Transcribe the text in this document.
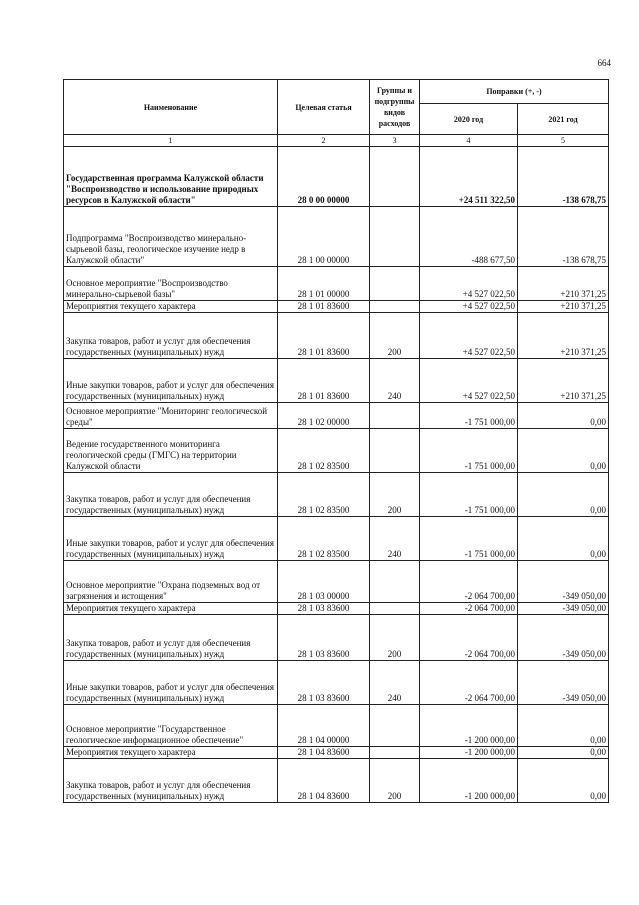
664
Наименование	Целевая статья	Группы и подгруппы видов расходов	Поправки (+, -)	
			2020 год	2021 год
1	2	3	4	5
Государственная программа Калужской области "Воспроизводство и использование природных ресурсов в Калужской области"	28 0 00 00000		+24 511 322,50	-138 678,75
Подпрограмма "Воспроизводство минерально-сырьевой базы, геологическое изучение недр в Калужской области"	28 1 00 00000		-488 677,50	-138 678,75
Основное мероприятие "Воспроизводство минерально-сырьевой базы"	28 1 01 00000		+4 527 022,50	+210 371,25
Мероприятия текущего характера	28 1 01 83600		+4 527 022,50	+210 371,25
Закупка товаров, работ и услуг для обеспечения государственных (муниципальных) нужд	28 1 01 83600	200	+4 527 022,50	+210 371,25
Иные закупки товаров, работ и услуг для обеспечения государственных (муниципальных) нужд	28 1 01 83600	240	+4 527 022,50	+210 371,25
Основное мероприятие "Мониторинг геологической среды"	28 1 02 00000		-1 751 000,00	0,00
Ведение государственного мониторинга геологической среды (ГМГС) на территории Калужской области	28 1 02 83500		-1 751 000,00	0,00
Закупка товаров, работ и услуг для обеспечения государственных (муниципальных) нужд	28 1 02 83500	200	-1 751 000,00	0,00
Иные закупки товаров, работ и услуг для обеспечения государственных (муниципальных) нужд	28 1 02 83500	240	-1 751 000,00	0,00
Основное мероприятие "Охрана подземных вод от загрязнения и истощения"	28 1 03 00000		-2 064 700,00	-349 050,00
Мероприятия текущего характера	28 1 03 83600		-2 064 700,00	-349 050,00
Закупка товаров, работ и услуг для обеспечения государственных (муниципальных) нужд	28 1 03 83600	200	-2 064 700,00	-349 050,00
Иные закупки товаров, работ и услуг для обеспечения государственных (муниципальных) нужд	28 1 03 83600	240	-2 064 700,00	-349 050,00
Основное мероприятие "Государственное геологическое информационное обеспечение"	28 1 04 00000		-1 200 000,00	0,00
Мероприятия текущего характера	28 1 04 83600		-1 200 000,00	0,00
Закупка товаров, работ и услуг для обеспечения государственных (муниципальных) нужд	28 1 04 83600	200	-1 200 000,00	0,00
